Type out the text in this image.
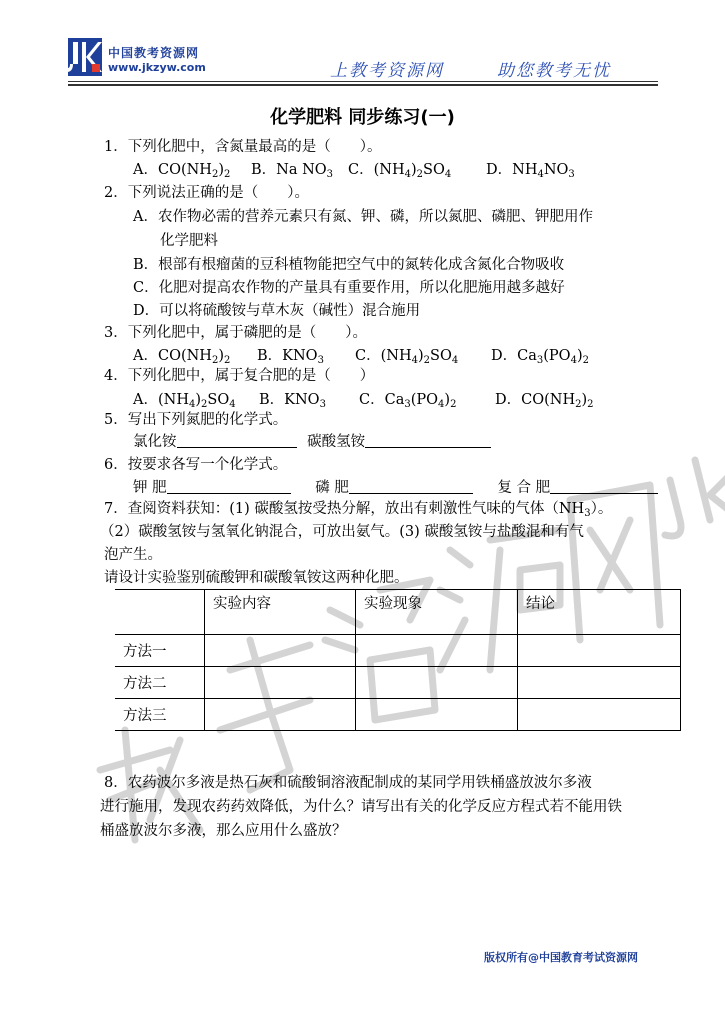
中国教考资源网
www.jkzyw.com	上教考资源网	助您教考无忧
化学肥料 同步练习(一)
1．下列化肥中，含氮量最高的是（　　）。
A．$CO(NH_2)_2$ B．Na $NO_3$ C．$(NH_4)_2SO_4$ D．$NH_4NO_3$
2．下列说法正确的是（　　）。
A．农作物必需的营养元素只有氮、钾、磷，所以氮肥、磷肥、钾肥用作
化学肥料
B．根部有根瘤菌的豆科植物能把空气中的氮转化成含氮化合物吸收
C．化肥对提高农作物的产量具有重要作用，所以化肥施用越多越好
D．可以将硫酸铵与草木灰（碱性）混合施用
3．下列化肥中，属于磷肥的是（　　）。
A．$CO(NH_2)_2$ B．$KNO_3$ C．$(NH_4)_2SO_4$ D．$Ca_3(PO_4)_2$
4．下列化肥中，属于复合肥的是（　　）
A．$(NH_4)_2SO_4$ B．$KNO_3$ C．$Ca_3(PO_4)_2$	D．$CO(NH_2)_2$
5．写出下列氮肥的化学式。
氯化铵	碳酸氢铵
6．按要求各写一个化学式。
钾 肥	磷 肥	复 合 肥
7．查阅资料获知：(1) 碳酸氢按受热分解，放出有刺激性气味的气体$(NH_3)$。
（2）碳酸氢铵与氢氧化钠混合，可放出氨气。(3) 碳酸氢铵与盐酸混和有气
泡产生。
请设计实验鉴别硫酸钾和碳酸氧铵这两种化肥。
	实验内容	实验现象	结论
方法一			
方法二			
方法三			
8．农药波尔多液是热石灰和硫酸铜溶液配制成的某同学用铁桶盛放波尔多液
进行施用，发现农药药效降低，为什么？请写出有关的化学反应方程式若不能用铁
桶盛放波尔多液，那么应用什么盛放？
版权所有@中国教育考试资源网
